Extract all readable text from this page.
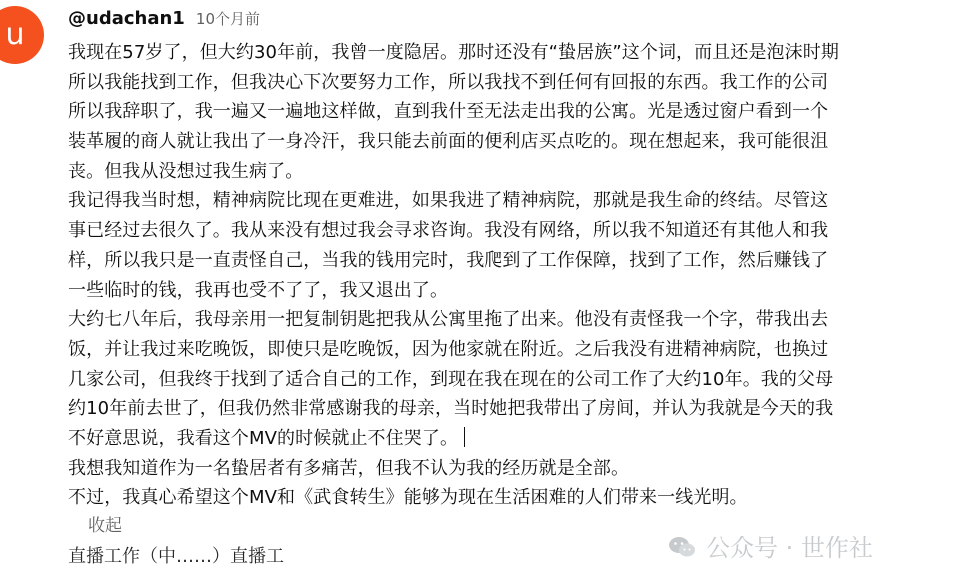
u	@udachan1 10个月前
我现在57岁了，但大约30年前，我曾一度隐居。那时还没有“蛰居族”这个词，而且还是泡沫时期
所以我能找到工作，但我决心下次要努力工作，所以我找不到任何有回报的东西。我工作的公司
所以我辞职了，我一遍又一遍地这样做，直到我什至无法走出我的公寓。光是透过窗户看到一个
装革履的商人就让我出了一身冷汗，我只能去前面的便利店买点吃的。现在想起来，我可能很沮
丧。但我从没想过我生病了。
我记得我当时想，精神病院比现在更难进，如果我进了精神病院，那就是我生命的终结。尽管这
事已经过去很久了。我从来没有想过我会寻求咨询。我没有网络，所以我不知道还有其他人和我
样，所以我只是一直责怪自己，当我的钱用完时，我爬到了工作保障，找到了工作，然后赚钱了
一些临时的钱，我再也受不了了，我又退出了。
大约七八年后，我母亲用一把复制钥匙把我从公寓里拖了出来。他没有责怪我一个字，带我出去
饭，并让我过来吃晚饭，即使只是吃晚饭，因为他家就在附近。之后我没有进精神病院，也换过
几家公司，但我终于找到了适合自己的工作，到现在我在现在的公司工作了大约10年。我的父母
约10年前去世了，但我仍然非常感谢我的母亲，当时她把我带出了房间，并认为我就是今天的我
不好意思说，我看这个MV的时候就止不住哭了。
我想我知道作为一名蛰居者有多痛苦，但我不认为我的经历就是全部。
不过，我真心希望这个MV和《武食转生》能够为现在生活困难的人们带来一线光明。
收起
直播工作（中……）直播工	公众号 · 世作社
